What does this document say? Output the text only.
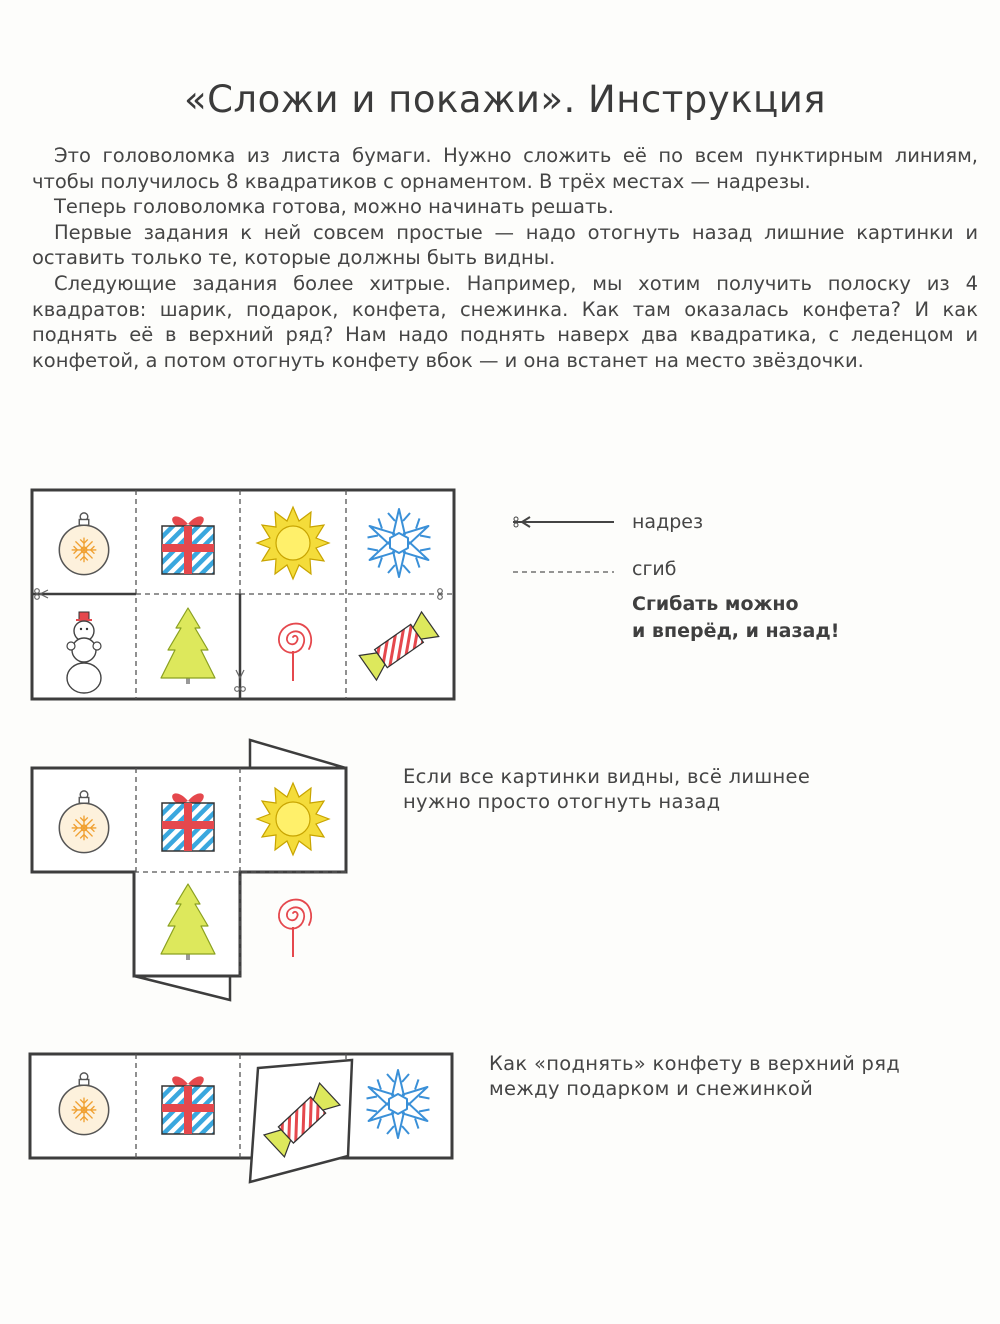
«Сложи и покажи». Инструкция

Это головоломка из листа бумаги. Нужно сложить её по всем пунктирным линиям, чтобы получилось 8 квадратиков с орнаментом. В трёх местах — надрезы.

Теперь головоломка готова, можно начинать решать.

Первые задания к ней совсем простые — надо отогнуть назад лишние картинки и оставить только те, которые должны быть видны.

Следующие задания более хитрые. Например, мы хотим получить полоску из 4 квадратов: шарик, подарок, конфета, снежинка. Как там оказалась конфета? И как поднять её в верхний ряд? Нам надо поднять наверх два квадратика, с леденцом и конфетой, а потом отогнуть конфету вбок — и она встанет на место звёздочки.

надрез
сгиб
Сгибать можно
и вперёд, и назад!
Если все картинки видны, всё лишнее
нужно просто отогнуть назад
Как «поднять» конфету в верхний ряд
между подарком и снежинкой
